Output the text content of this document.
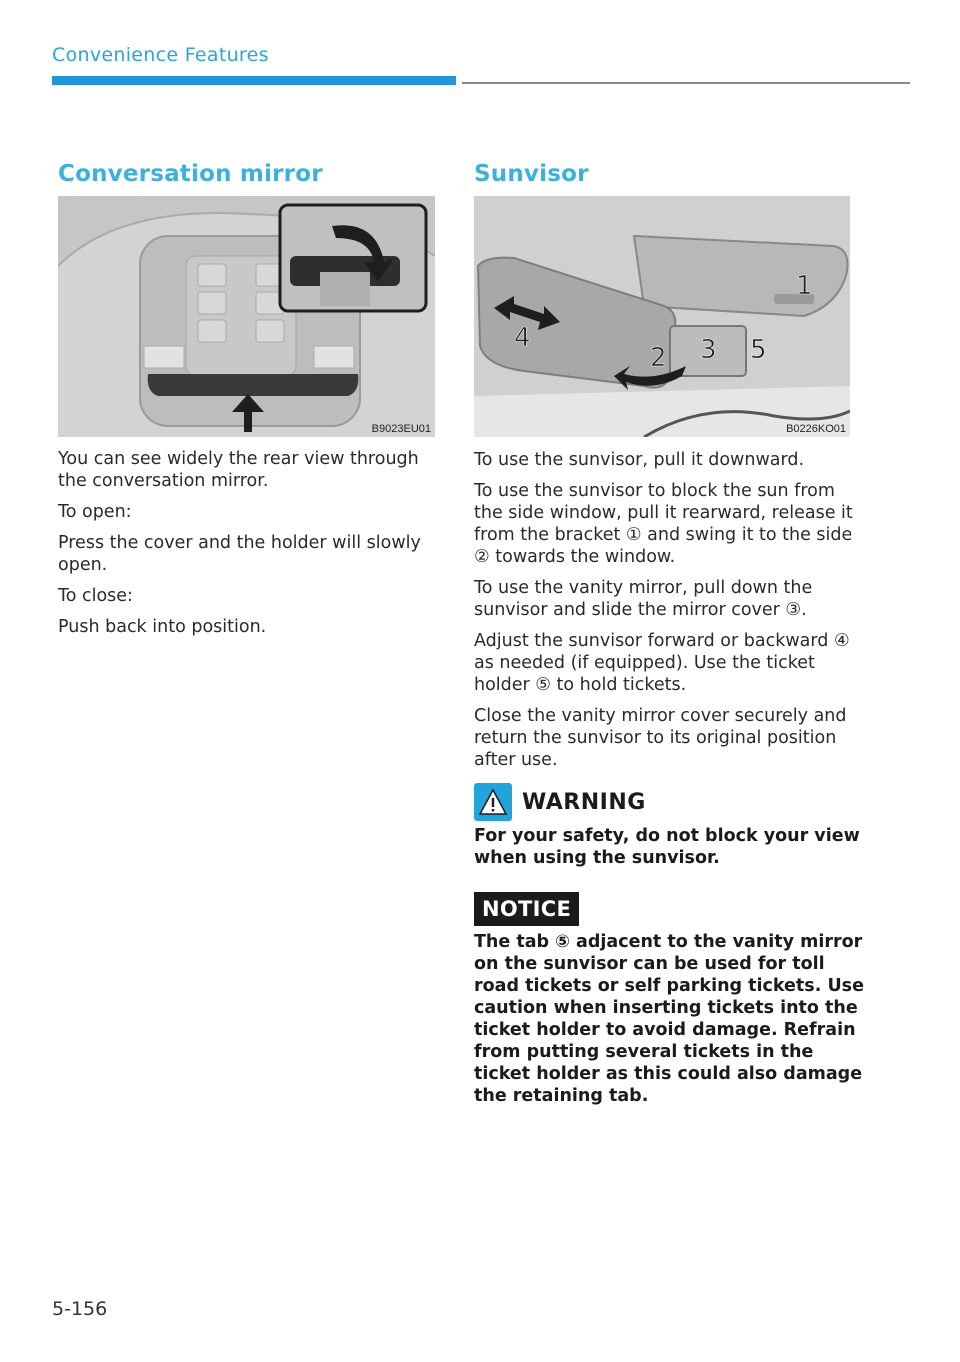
Convenience Features
Conversation mirror
B9023EU01

You can see widely the rear view through the conversation mirror.

To open:

Press the cover and the holder will slowly open.

To close:

Push back into position.

Sunvisor
1
2 3
4	5
B0226KO01

To use the sunvisor, pull it downward.

To use the sunvisor to block the sun from the side window, pull it rearward, release it from the bracket ① and swing it to the side ② towards the window.

To use the vanity mirror, pull down the sunvisor and slide the mirror cover ③.

Adjust the sunvisor forward or backward ④ as needed (if equipped). Use the ticket holder ⑤ to hold tickets.

Close the vanity mirror cover securely and return the sunvisor to its original position after use.

WARNING
For your safety, do not block your view when using the sunvisor.
NOTICE
The tab ⑤ adjacent to the vanity mirror on the sunvisor can be used for toll road tickets or self parking tickets. Use caution when inserting tickets into the ticket holder to avoid damage. Refrain from putting several tickets in the ticket holder as this could also damage the retaining tab.
5-156
